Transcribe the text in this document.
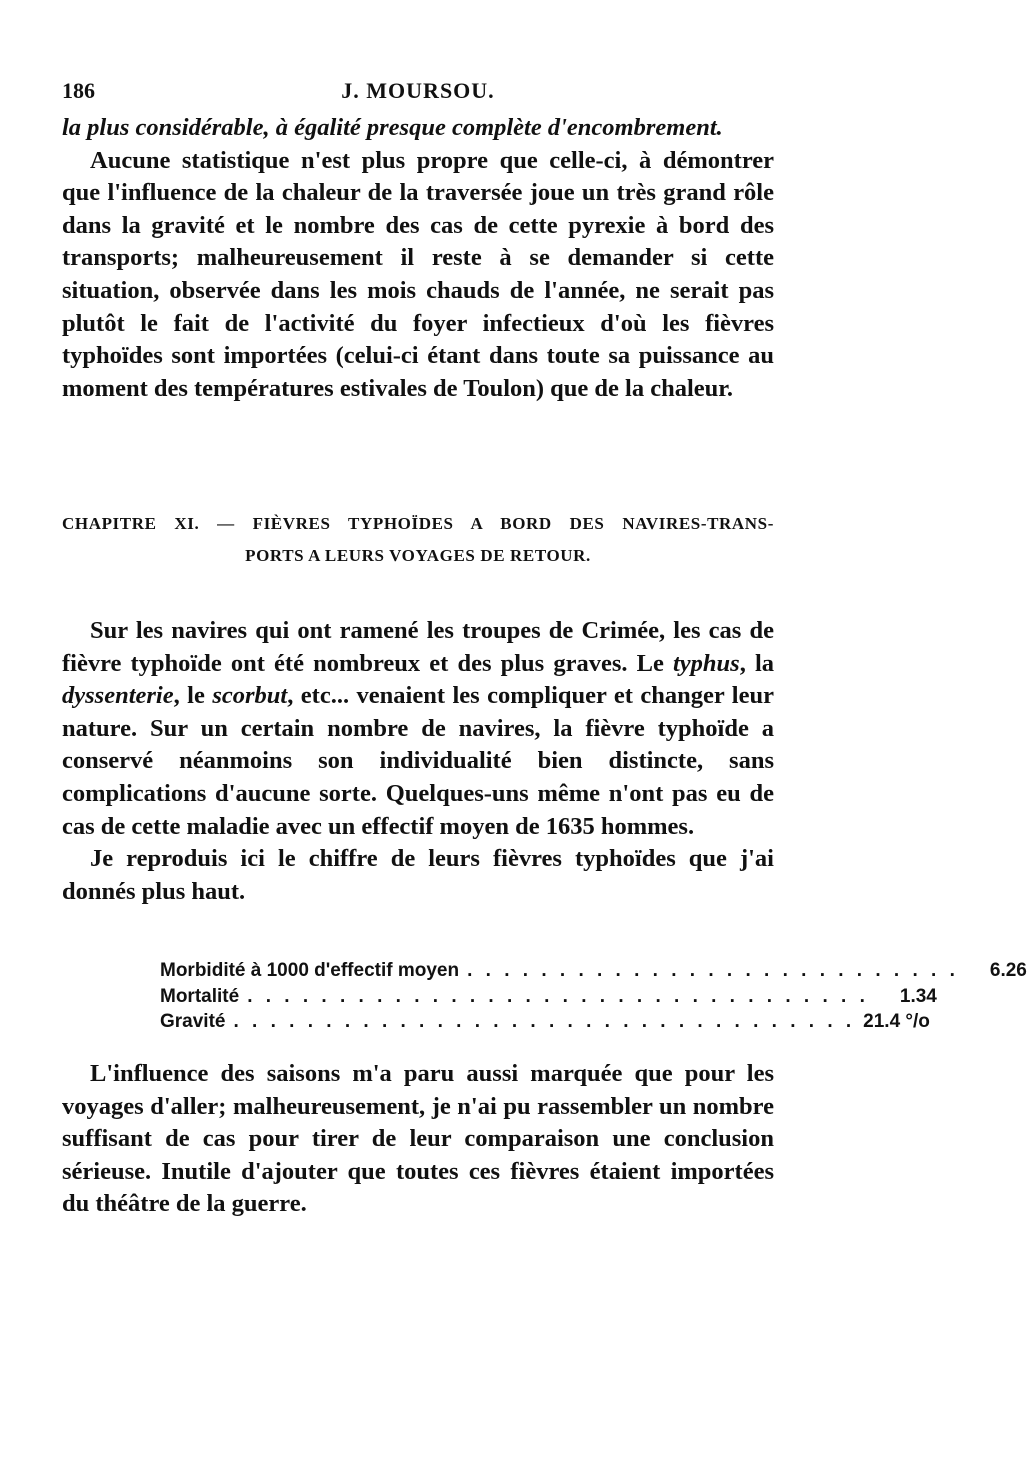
186	J. MOURSOU.

la plus considérable, à égalité presque complète d'encombrement.

Aucune statistique n'est plus propre que celle-ci, à démontrer que l'influence de la chaleur de la traversée joue un très grand rôle dans la gravité et le nombre des cas de cette pyrexie à bord des transports; malheureusement il reste à se demander si cette situation, observée dans les mois chauds de l'année, ne serait pas plutôt le fait de l'activité du foyer infectieux d'où les fièvres typhoïdes sont importées (celui-ci étant dans toute sa puissance au moment des températures estivales de Toulon) que de la chaleur.

CHAPITRE XI. — FIÈVRES TYPHOÏDES A BORD DES NAVIRES-TRANS-
PORTS A LEURS VOYAGES DE RETOUR.

Sur les navires qui ont ramené les troupes de Crimée, les cas de fièvre typhoïde ont été nombreux et des plus graves. Le typhus, la dyssenterie, le scorbut, etc... venaient les compliquer et changer leur nature. Sur un certain nombre de navires, la fièvre typhoïde a conservé néanmoins son individualité bien distincte, sans complications d'aucune sorte. Quelques-uns même n'ont pas eu de cas de cette maladie avec un effectif moyen de 1635 hommes.

Je reproduis ici le chiffre de leurs fièvres typhoïdes que j'ai donnés plus haut.

Morbidité à 1000 d'effectif moyen . . . . . . . . . . . . . . . . . . . . . . . . . . .	6.26
Mortalité . . . . . . . . . . . . . . . . . . . . . . . . . . . . . . . . . .	1.34
Gravité . . . . . . . . . . . . . . . . . . . . . . . . . . . . . . . . . . 21.4 °/o

L'influence des saisons m'a paru aussi marquée que pour les voyages d'aller; malheureusement, je n'ai pu rassembler un nombre suffisant de cas pour tirer de leur comparaison une conclusion sérieuse. Inutile d'ajouter que toutes ces fièvres étaient importées du théâtre de la guerre.
